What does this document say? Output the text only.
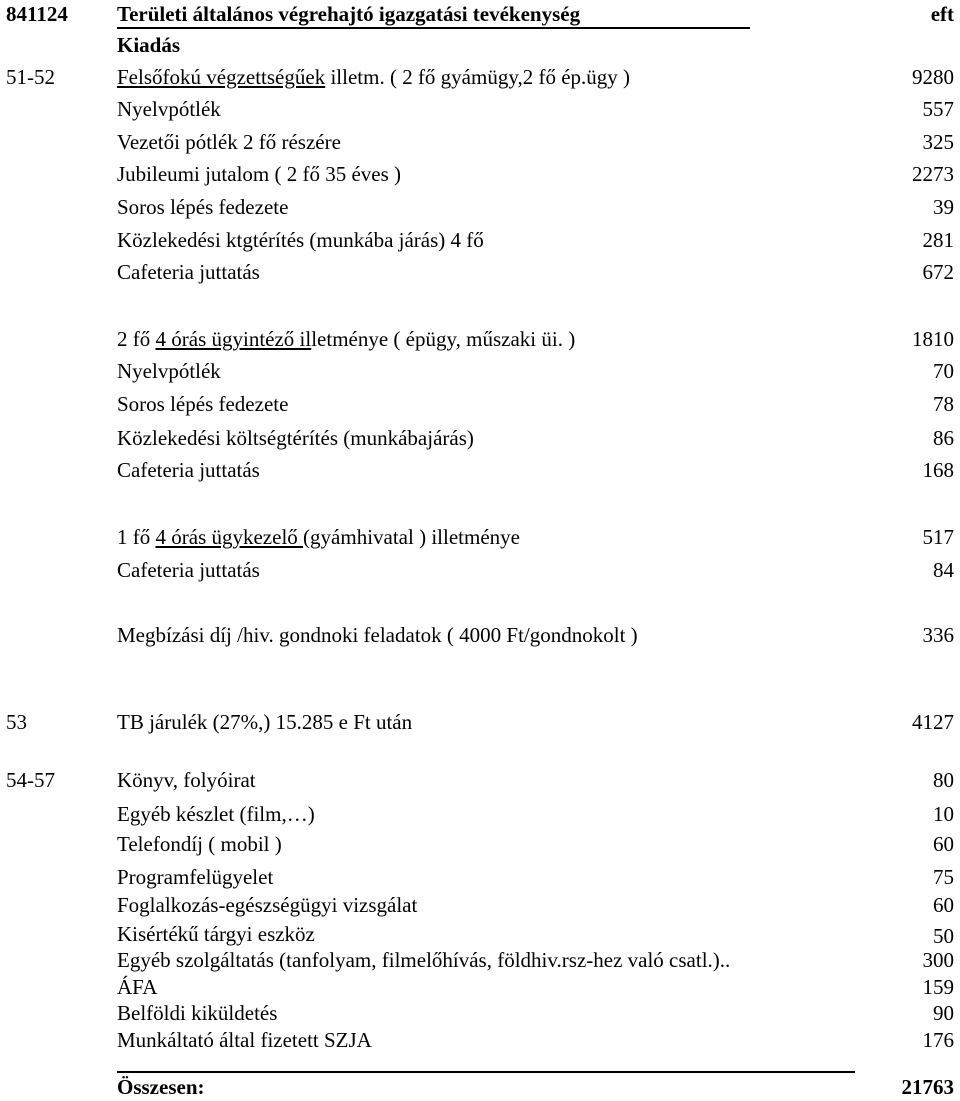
841124 Területi általános végrehajtó igazgatási tevékenység	eft
Kiadás
51-52	Felsőfokú végzettségűek illetm. ( 2 fő gyámügy,2 fő ép.ügy )	9280
Nyelvpótlék	557
Vezetői pótlék 2 fő részére	325
Jubileumi jutalom ( 2 fő 35 éves )	2273
Soros lépés fedezete	39
Közlekedési ktgtérítés (munkába járás) 4 fő	281
Cafeteria juttatás	672
2 fő 4 órás ügyintéző illetménye ( épügy, műszaki üi. )	1810
Nyelvpótlék	70
Soros lépés fedezete	78
Közlekedési költségtérítés (munkábajárás)	86
Cafeteria juttatás	168
1 fő 4 órás ügykezelő (gyámhivatal ) illetménye	517
Cafeteria juttatás	84
Megbízási díj /hiv. gondnoki feladatok ( 4000 Ft/gondnokolt )	336
53	TB járulék (27%,) 15.285 e Ft után	4127
54-57	Könyv, folyóirat	80
Egyéb készlet (film,…)	10
Telefondíj ( mobil )	60
Programfelügyelet	75
Foglalkozás-egészségügyi vizsgálat	60
Kisértékű tárgyi eszköz	50
Egyéb szolgáltatás (tanfolyam, filmelőhívás, földhiv.rsz-hez való csatl.)..	300
ÁFA	159
Belföldi kiküldetés	90
Munkáltató által fizetett SZJA	176
Összesen:	21763
